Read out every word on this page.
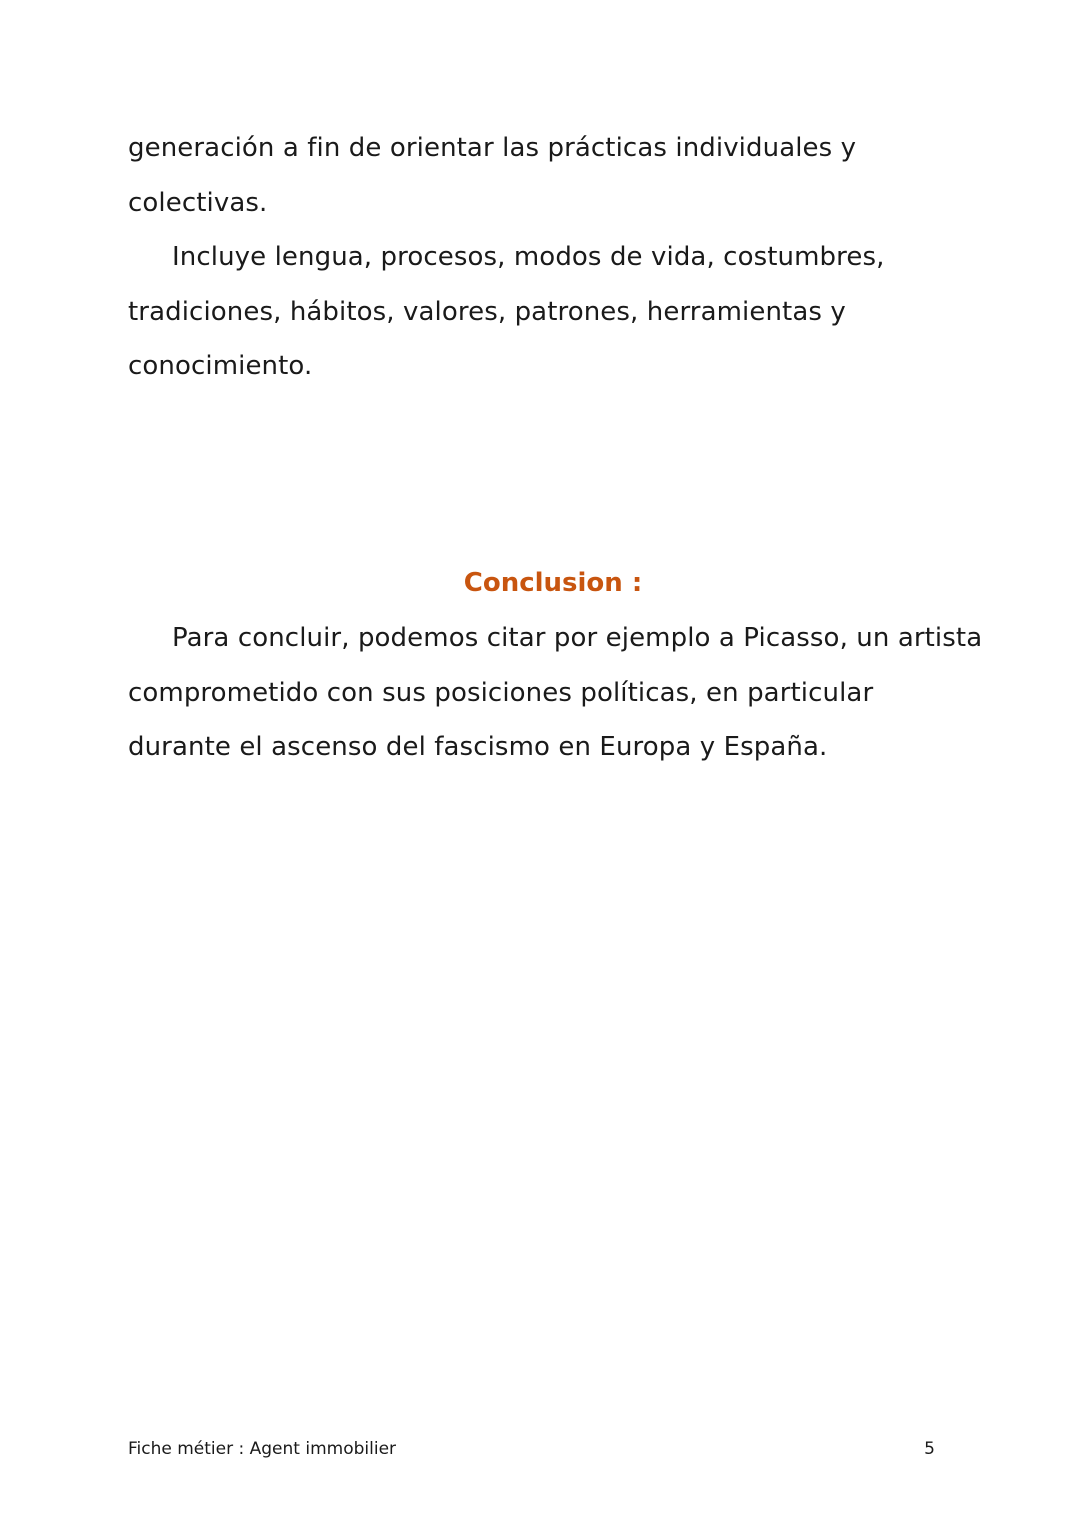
generación a fin de orientar las prácticas individuales y
colectivas.
Incluye lengua, procesos, modos de vida, costumbres,
tradiciones, hábitos, valores, patrones, herramientas y
conocimiento.
Conclusion :
Para concluir, podemos citar por ejemplo a Picasso, un artista
comprometido con sus posiciones políticas, en particular
durante el ascenso del fascismo en Europa y España.
Fiche métier : Agent immobilier	5
